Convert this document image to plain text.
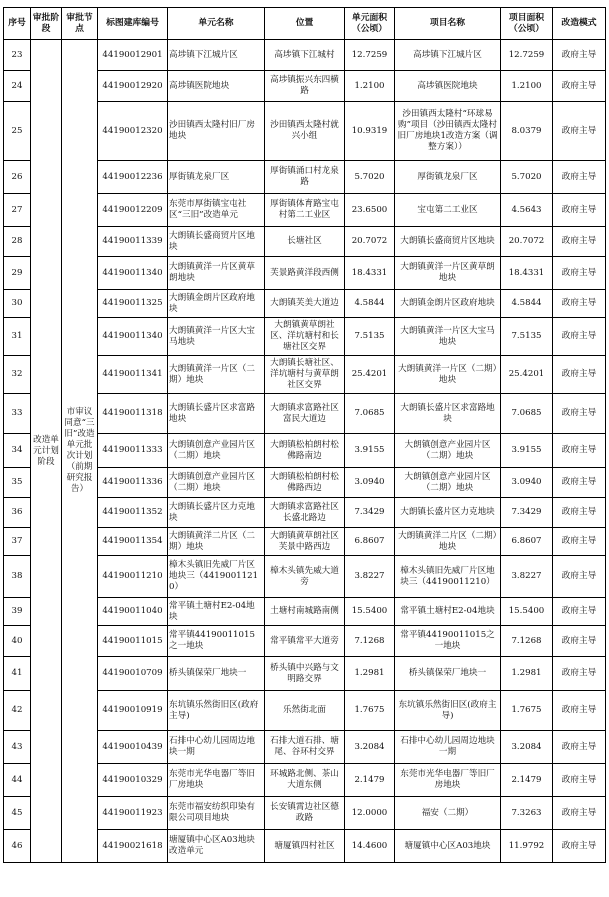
序号	审批阶段	审批节点	标图建库编号	单元名称	位置	单元面积（公顷）	项目名称	项目面积（公顷）	改造模式
23	改造单元计划阶段	市审议同意“三旧”改造单元批次计划（前期研究报告）	44190012901	高埗镇下江城片区	高埗镇下江城村	12.7259	高埗镇下江城片区	12.7259	政府主导
24			44190012920	高埗镇医院地块	高埗镇振兴东四横路	1.2100	高埗镇医院地块	1.2100	政府主导
25			44190012320	沙田镇西太隆村旧厂房地块	沙田镇西太隆村就兴小组	10.9319	沙田镇西太隆村“环球易购”项目（沙田镇西太隆村旧厂房地块1改造方案（调整方案））	8.0379	政府主导
26			44190012236	厚街镇龙泉厂区	厚街镇涌口村龙泉路	5.7020	厚街镇龙泉厂区	5.7020	政府主导
27			44190012209	东莞市厚街镇宝屯社区“三旧”改造单元	厚街镇体育路宝屯村第二工业区	23.6500	宝屯第二工业区	4.5643	政府主导
28			44190011339	大朗镇长盛商贸片区地块	长塘社区	20.7072	大朗镇长盛商贸片区地块	20.7072	政府主导
29			44190011340	大朗镇黄洋一片区黄草朗地块	芙景路黄洋段西侧	18.4331	大朗镇黄洋一片区黄草朗地块	18.4331	政府主导
30			44190011325	大朗镇金朗片区政府地块	大朗镇芙美大道边	4.5844	大朗镇金朗片区政府地块	4.5844	政府主导
31			44190011340	大朗镇黄洋一片区大宝马地块	大朗镇黄草朗社区、洋坑塘村和长塘社区交界	7.5135	大朗镇黄洋一片区大宝马地块	7.5135	政府主导
32			44190011341	大朗镇黄洋一片区（二期）地块	大朗镇长塘社区、洋坑塘村与黄草朗社区交界	25.4201	大朗镇黄洋一片区（二期）地块	25.4201	政府主导
33			44190011318	大朗镇长盛片区求富路地块	大朗镇求富路社区富民大道边	7.0685	大朗镇长盛片区求富路地块	7.0685	政府主导
34			44190011333	大朗镇创意产业园片区（二期）地块	大朗镇松柏朗村松佛路南边	3.9155	大朗镇创意产业园片区（二期）地块	3.9155	政府主导
35			44190011336	大朗镇创意产业园片区（二期）地块	大朗镇松柏朗村松佛路西边	3.0940	大朗镇创意产业园片区（二期）地块	3.0940	政府主导
36			44190011352	大朗镇长盛片区力克地块	大朗镇求富路社区长盛北路边	7.3429	大朗镇长盛片区力克地块	7.3429	政府主导
37			44190011354	大朗镇黄洋二片区（二期）地块	大朗镇黄草朗社区芙景中路西边	6.8607	大朗镇黄洋二片区（二期）地块	6.8607	政府主导
38			44190011210	樟木头镇旧先威厂片区地块三（44190011210）	樟木头镇先威大道旁	3.8227	樟木头镇旧先威厂片区地块三（44190011210）	3.8227	政府主导
39			44190011040	常平镇土塘村E2-04地块	土塘村南城路南侧	15.5400	常平镇土塘村E2-04地块	15.5400	政府主导
40			44190011015	常平镇44190011015之一地块	常平镇常平大道旁	7.1268	常平镇44190011015之一地块	7.1268	政府主导
41			44190010709	桥头镇保荣厂地块一	桥头镇中兴路与文明路交界	1.2981	桥头镇保荣厂地块一	1.2981	政府主导
42			44190010919	东坑镇乐然街旧区(政府主导)	乐然街北面	1.7675	东坑镇乐然街旧区(政府主导)	1.7675	政府主导
43			44190010439	石排中心幼儿园周边地块一期	石排大道石排、塘尾、谷环村交界	3.2084	石排中心幼儿园周边地块一期	3.2084	政府主导
44			44190010329	东莞市光华电器厂等旧厂房地块	环城路北侧、茶山大道东侧	2.1479	东莞市光华电器厂等旧厂房地块	2.1479	政府主导
45			44190011923	东莞市福安纺织印染有限公司项目地块	长安镇霄边社区德政路	12.0000	福安（二期）	7.3263	政府主导
46			44190021618	塘厦镇中心区A03地块改造单元	塘厦镇四村社区	14.4600	塘厦镇中心区A03地块	11.9792	政府主导
